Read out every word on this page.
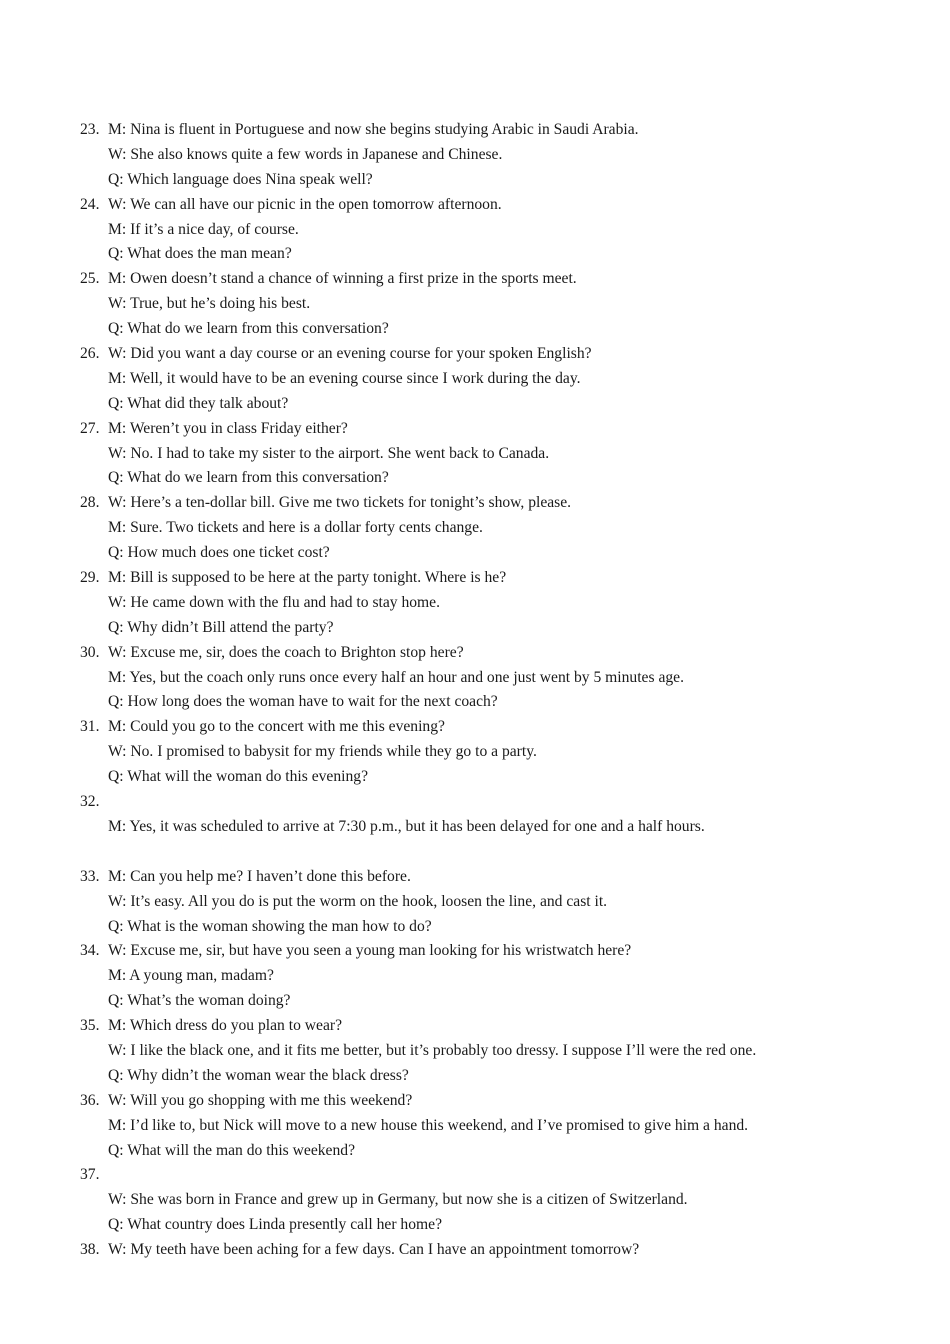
23. M: Nina is fluent in Portuguese and now she begins studying Arabic in Saudi Arabia.
W: She also knows quite a few words in Japanese and Chinese.
Q: Which language does Nina speak well?
24. W: We can all have our picnic in the open tomorrow afternoon.
M: If it’s a nice day, of course.
Q: What does the man mean?
25. M: Owen doesn’t stand a chance of winning a first prize in the sports meet.
W: True, but he’s doing his best.
Q: What do we learn from this conversation?
26. W: Did you want a day course or an evening course for your spoken English?
M: Well, it would have to be an evening course since I work during the day.
Q: What did they talk about?
27. M: Weren’t you in class Friday either?
W: No. I had to take my sister to the airport. She went back to Canada.
Q: What do we learn from this conversation?
28. W: Here’s a ten-dollar bill. Give me two tickets for tonight’s show, please.
M: Sure. Two tickets and here is a dollar forty cents change.
Q: How much does one ticket cost?
29. M: Bill is supposed to be here at the party tonight. Where is he?
W: He came down with the flu and had to stay home.
Q: Why didn’t Bill attend the party?
30. W: Excuse me, sir, does the coach to Brighton stop here?
M: Yes, but the coach only runs once every half an hour and one just went by 5 minutes age.
Q: How long does the woman have to wait for the next coach?
31. M: Could you go to the concert with me this evening?
W: No. I promised to babysit for my friends while they go to a party.
Q: What will the woman do this evening?
32.
M: Yes, it was scheduled to arrive at 7:30 p.m., but it has been delayed for one and a half hours.
33. M: Can you help me? I haven’t done this before.
W: It’s easy. All you do is put the worm on the hook, loosen the line, and cast it.
Q: What is the woman showing the man how to do?
34. W: Excuse me, sir, but have you seen a young man looking for his wristwatch here?
M: A young man, madam?
Q: What’s the woman doing?
35. M: Which dress do you plan to wear?
W: I like the black one, and it fits me better, but it’s probably too dressy. I suppose I’ll were the red one.
Q: Why didn’t the woman wear the black dress?
36. W: Will you go shopping with me this weekend?
M: I’d like to, but Nick will move to a new house this weekend, and I’ve promised to give him a hand.
Q: What will the man do this weekend?
37.
W: She was born in France and grew up in Germany, but now she is a citizen of Switzerland.
Q: What country does Linda presently call her home?
38. W: My teeth have been aching for a few days. Can I have an appointment tomorrow?
